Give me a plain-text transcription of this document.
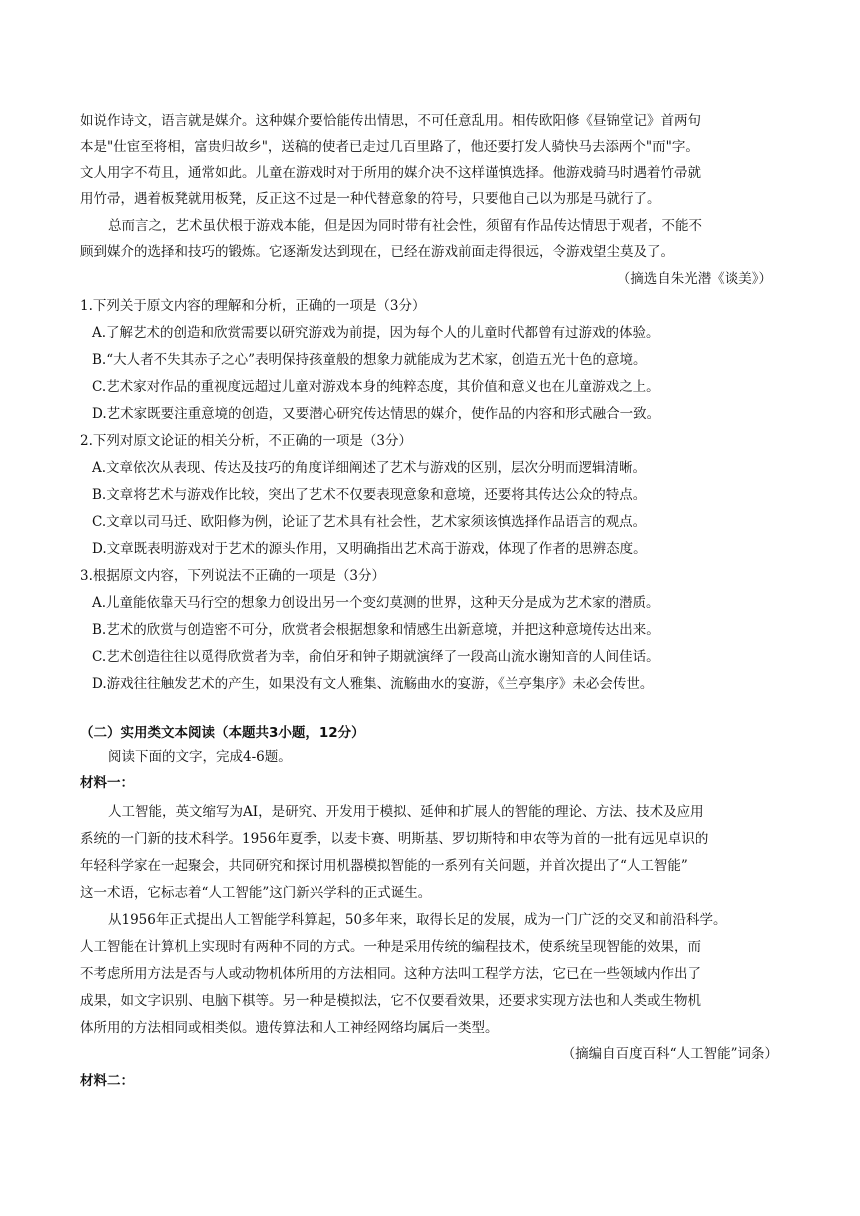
如说作诗文，语言就是媒介。这种媒介要恰能传出情思，不可任意乱用。相传欧阳修《昼锦堂记》首两句
本是"仕宦至将相，富贵归故乡"，送稿的使者已走过几百里路了，他还要打发人骑快马去添两个"而"字。
文人用字不苟且，通常如此。儿童在游戏时对于所用的媒介决不这样谨慎选择。他游戏骑马时遇着竹帚就
用竹帚，遇着板凳就用板凳，反正这不过是一种代替意象的符号，只要他自己以为那是马就行了。
总而言之，艺术虽伏根于游戏本能，但是因为同时带有社会性，须留有作品传达情思于观者，不能不
顾到媒介的选择和技巧的锻炼。它逐渐发达到现在，已经在游戏前面走得很远，令游戏望尘莫及了。
（摘选自朱光潜《谈美》）
1.下列关于原文内容的理解和分析，正确的一项是（3分）
A.了解艺术的创造和欣赏需要以研究游戏为前提，因为每个人的儿童时代都曾有过游戏的体验。
B.“大人者不失其赤子之心”表明保持孩童般的想象力就能成为艺术家，创造五光十色的意境。
C.艺术家对作品的重视度远超过儿童对游戏本身的纯粹态度，其价值和意义也在儿童游戏之上。
D.艺术家既要注重意境的创造，又要潜心研究传达情思的媒介，使作品的内容和形式融合一致。
2.下列对原文论证的相关分析，不正确的一项是（3分）
A.文章依次从表现、传达及技巧的角度详细阐述了艺术与游戏的区别，层次分明而逻辑清晰。
B.文章将艺术与游戏作比较，突出了艺术不仅要表现意象和意境，还要将其传达公众的特点。
C.文章以司马迁、欧阳修为例，论证了艺术具有社会性，艺术家须该慎选择作品语言的观点。
D.文章既表明游戏对于艺术的源头作用，又明确指出艺术高于游戏，体现了作者的思辨态度。
3.根据原文内容，下列说法不正确的一项是（3分）
A.儿童能依靠天马行空的想象力创设出另一个变幻莫测的世界，这种天分是成为艺术家的潜质。
B.艺术的欣赏与创造密不可分，欣赏者会根据想象和情感生出新意境，并把这种意境传达出来。
C.艺术创造往往以觅得欣赏者为幸，俞伯牙和钟子期就演绎了一段高山流水谢知音的人间佳话。
D.游戏往往触发艺术的产生，如果没有文人雅集、流觞曲水的宴游，《兰亭集序》未必会传世。
（二）实用类文本阅读（本题共3小题，12分）
阅读下面的文字，完成4-6题。
材料一：
人工智能，英文缩写为AI，是研究、开发用于模拟、延伸和扩展人的智能的理论、方法、技术及应用
系统的一门新的技术科学。1956年夏季，以麦卡赛、明斯基、罗切斯特和申农等为首的一批有远见卓识的
年轻科学家在一起聚会，共同研究和探讨用机器模拟智能的一系列有关问题，并首次提出了“人工智能”
这一术语，它标志着“人工智能”这门新兴学科的正式诞生。
从1956年正式提出人工智能学科算起，50多年来，取得长足的发展，成为一门广泛的交叉和前沿科学。
人工智能在计算机上实现时有两种不同的方式。一种是采用传统的编程技术，使系统呈现智能的效果，而
不考虑所用方法是否与人或动物机体所用的方法相同。这种方法叫工程学方法，它已在一些领域内作出了
成果，如文字识别、电脑下棋等。另一种是模拟法，它不仅要看效果，还要求实现方法也和人类或生物机
体所用的方法相同或相类似。遗传算法和人工神经网络均属后一类型。
（摘编自百度百科“人工智能”词条）
材料二：
